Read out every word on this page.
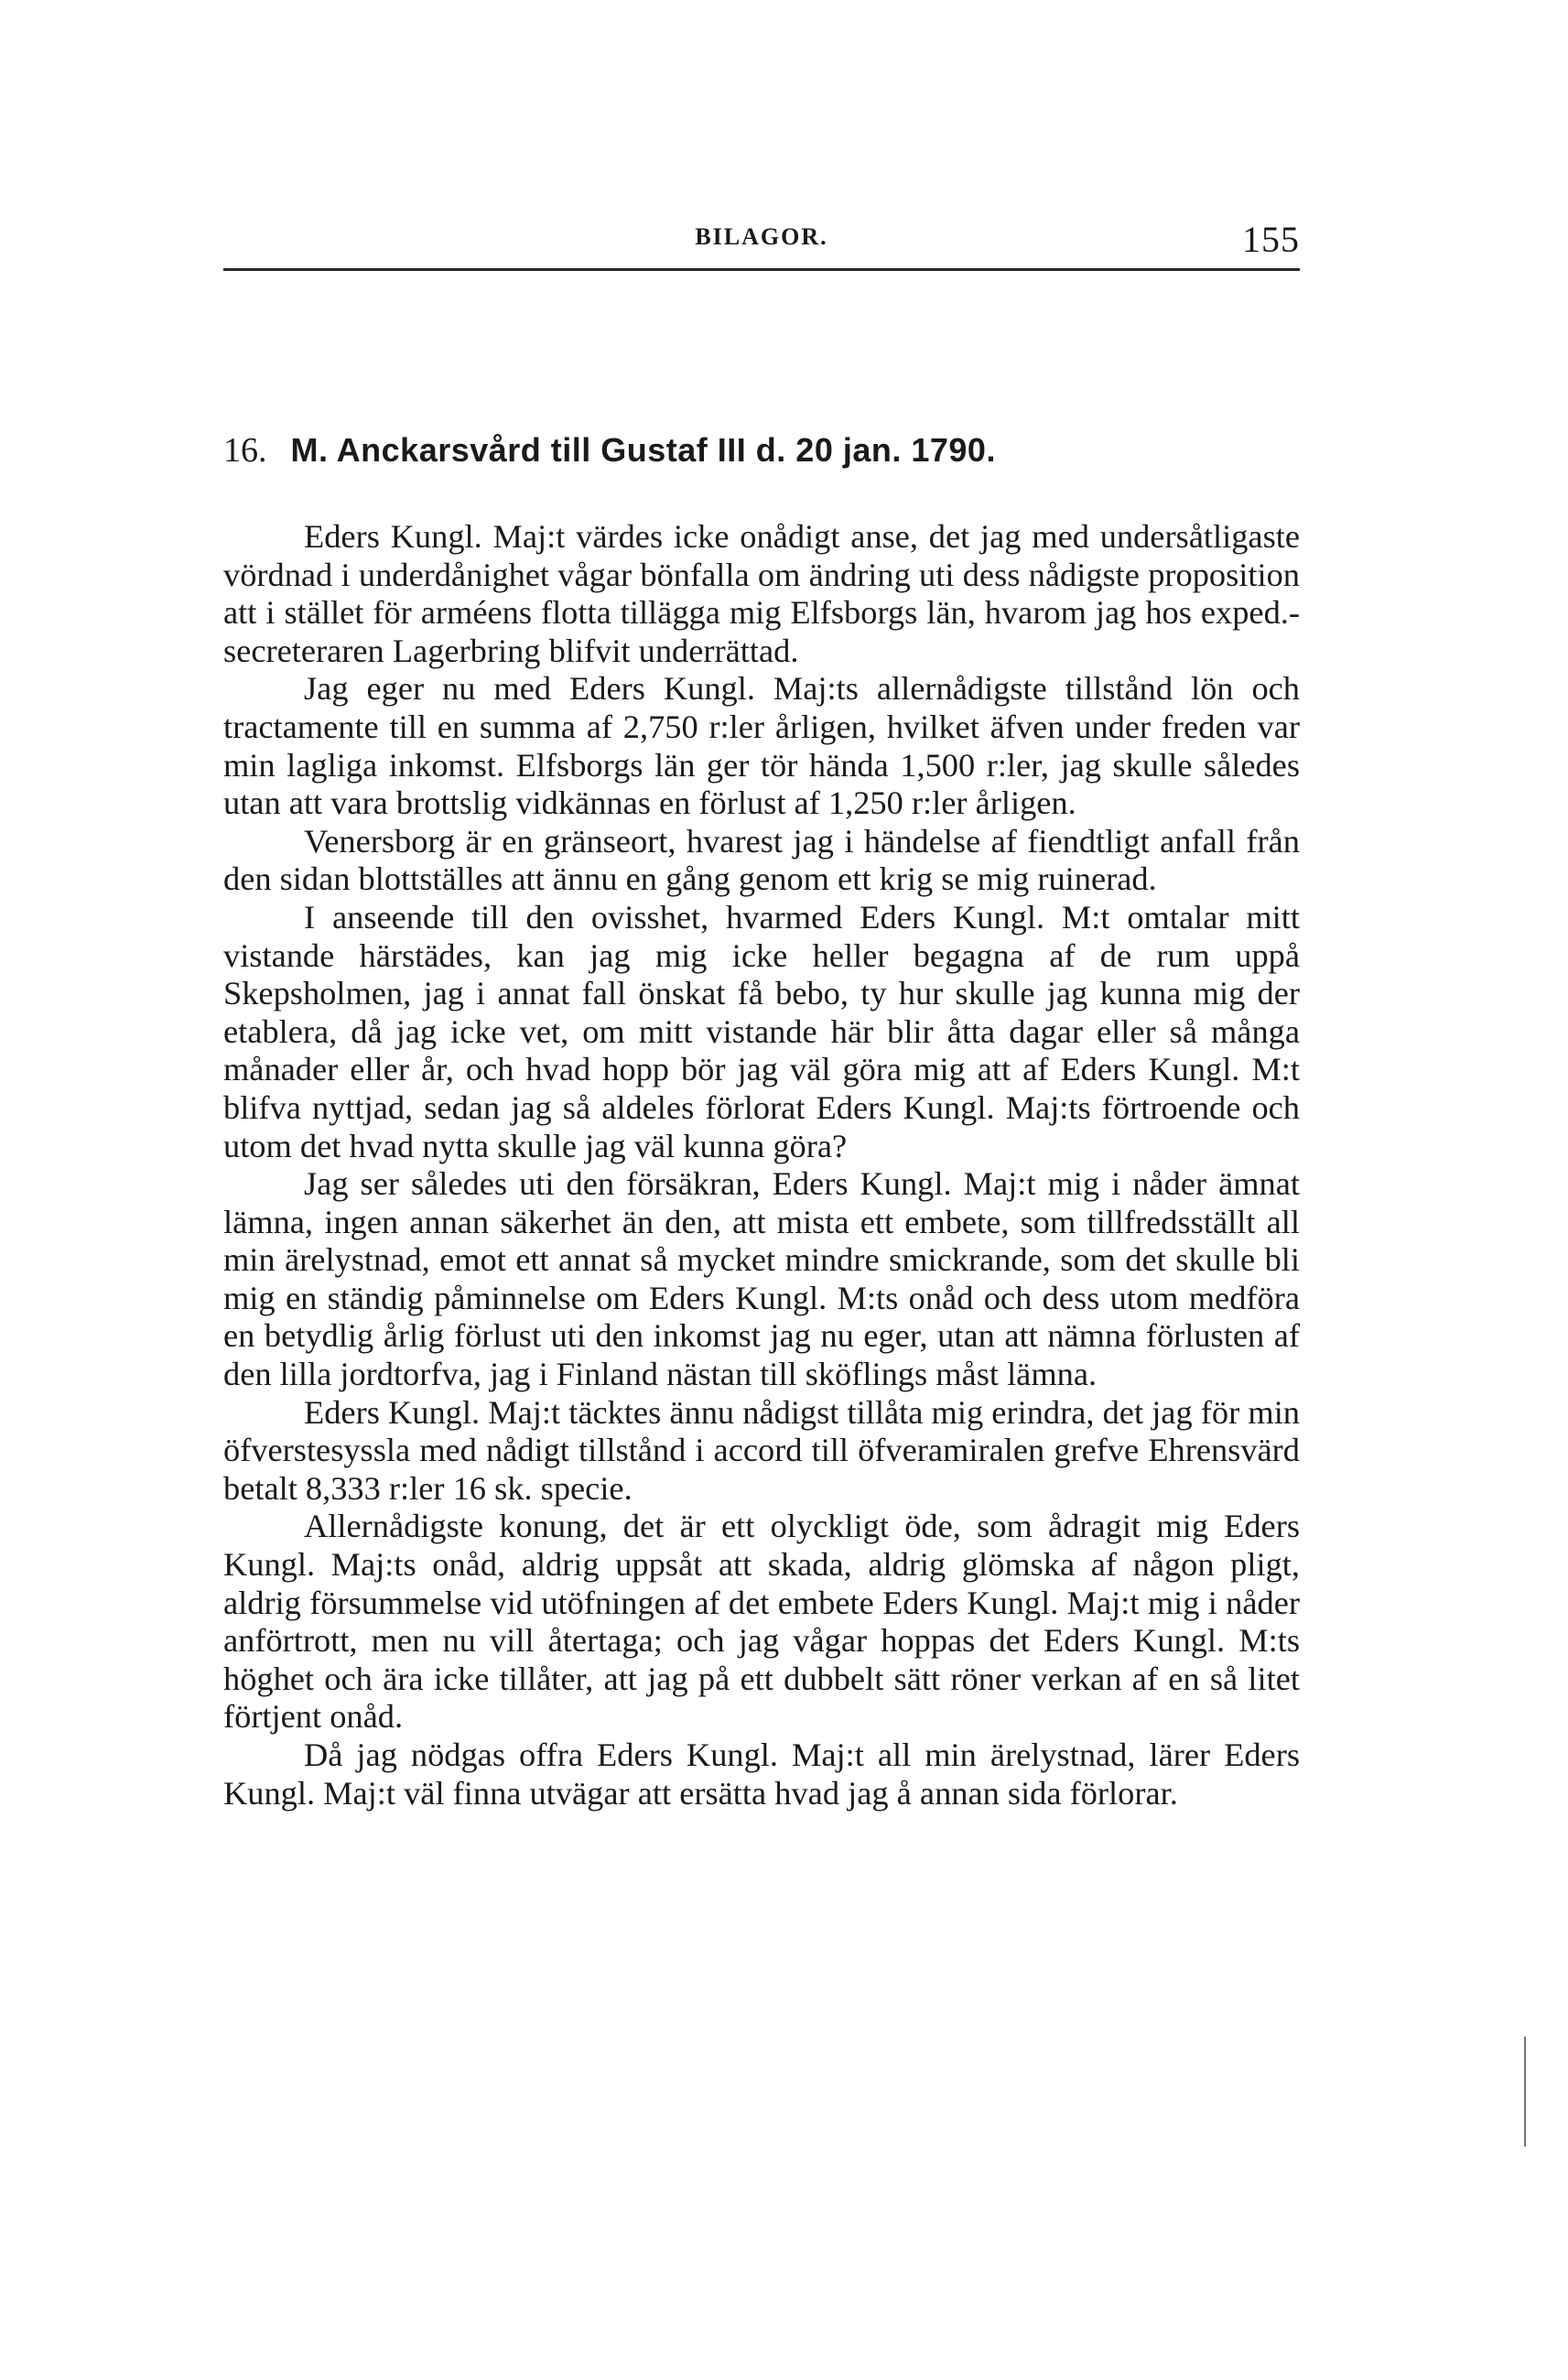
BILAGOR.	155
16. M. Anckarsvård till Gustaf III d. 20 jan. 1790.

Eders Kungl. Maj:t värdes icke onådigt anse, det jag med undersåtligaste vördnad i underdånighet vågar bönfalla om ändring uti dess nådigste proposition att i stället för arméens flotta tillägga mig Elfsborgs län, hvarom jag hos exped.-secreteraren Lagerbring blifvit underrättad.

Jag eger nu med Eders Kungl. Maj:ts allernådigste tillstånd lön och tractamente till en summa af 2,750 r:ler årligen, hvilket äfven under freden var min lagliga inkomst. Elfsborgs län ger tör hända 1,500 r:ler, jag skulle således utan att vara brottslig vidkännas en förlust af 1,250 r:ler årligen.

Venersborg är en gränseort, hvarest jag i händelse af fiendtligt anfall från den sidan blottställes att ännu en gång genom ett krig se mig ruinerad.

I anseende till den ovisshet, hvarmed Eders Kungl. M:t omtalar mitt vistande härstädes, kan jag mig icke heller begagna af de rum uppå Skepsholmen, jag i annat fall önskat få bebo, ty hur skulle jag kunna mig der etablera, då jag icke vet, om mitt vistande här blir åtta dagar eller så många månader eller år, och hvad hopp bör jag väl göra mig att af Eders Kungl. M:t blifva nyttjad, sedan jag så aldeles förlorat Eders Kungl. Maj:ts förtroende och utom det hvad nytta skulle jag väl kunna göra?

Jag ser således uti den försäkran, Eders Kungl. Maj:t mig i nåder ämnat lämna, ingen annan säkerhet än den, att mista ett embete, som tillfredsställt all min ärelystnad, emot ett annat så mycket mindre smickrande, som det skulle bli mig en ständig påminnelse om Eders Kungl. M:ts onåd och dess utom medföra en betydlig årlig förlust uti den inkomst jag nu eger, utan att nämna förlusten af den lilla jordtorfva, jag i Finland nästan till sköflings måst lämna.

Eders Kungl. Maj:t täcktes ännu nådigst tillåta mig erindra, det jag för min öfverstesyssla med nådigt tillstånd i accord till öfveramiralen grefve Ehrensvärd betalt 8,333 r:ler 16 sk. specie.

Allernådigste konung, det är ett olyckligt öde, som ådragit mig Eders Kungl. Maj:ts onåd, aldrig uppsåt att skada, aldrig glömska af någon pligt, aldrig försummelse vid utöfningen af det embete Eders Kungl. Maj:t mig i nåder anförtrott, men nu vill återtaga; och jag vågar hoppas det Eders Kungl. M:ts höghet och ära icke tillåter, att jag på ett dubbelt sätt röner verkan af en så litet förtjent onåd.

Då jag nödgas offra Eders Kungl. Maj:t all min ärelystnad, lärer Eders Kungl. Maj:t väl finna utvägar att ersätta hvad jag å annan sida förlorar.
